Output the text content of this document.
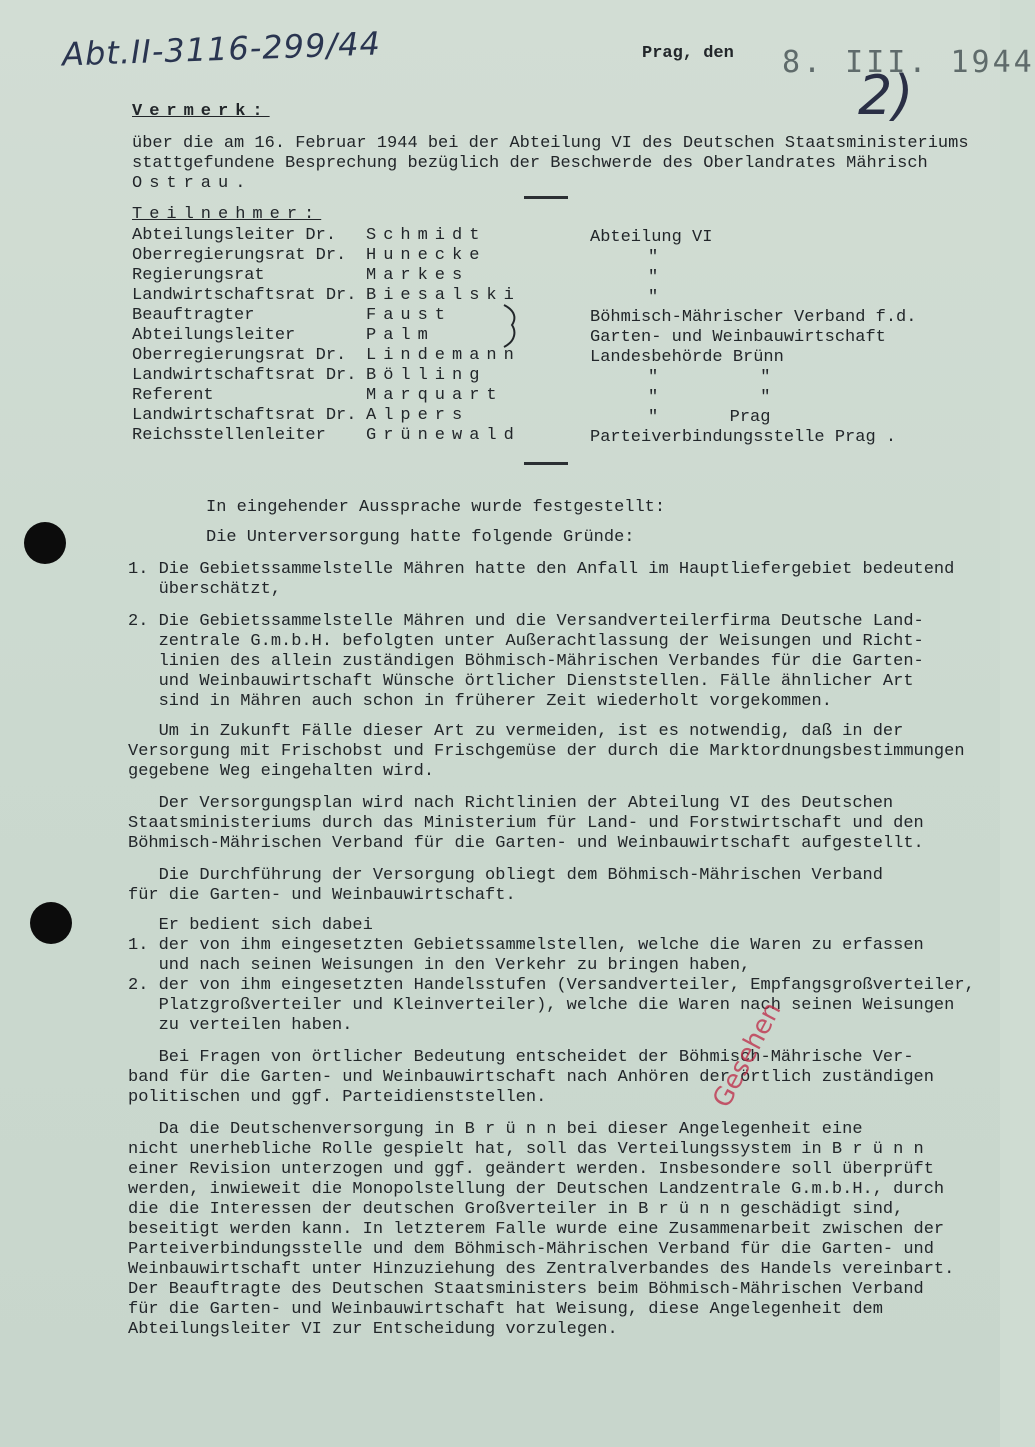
Abt.II-3116-299/44	Prag, den 8. III. 1944
2)
Vermerk:
über die am 16. Februar 1944 bei der Abteilung VI des Deutschen Staatsministeriums
stattgefundene Besprechung bezüglich der Beschwerde des Oberlandrates Mährisch
Ostrau.
Teilnehmer:
Abteilungsleiter Dr. Schmidt	Abteilung VI
Oberregierungsrat Dr. Hunecke	"
Regierungsrat	Markes	"
Landwirtschaftsrat Dr. Biesalski	"
Beauftragter	Faust	Böhmisch-Mährischer Verband f.d.
Abteilungsleiter	Palm	Garten- und Weinbauwirtschaft
Oberregierungsrat Dr. Lindemann	Landesbehörde Brünn
Landwirtschaftsrat Dr. Bölling	"          "
Referent	Marquart	"          "
Landwirtschaftsrat Dr. Alpers	"       Prag
Reichsstellenleiter Grünewald	Parteiverbindungsstelle Prag .
In eingehender Aussprache wurde festgestellt:
Die Unterversorgung hatte folgende Gründe:
1. Die Gebietssammelstelle Mähren hatte den Anfall im Hauptliefergebiet bedeutend
überschätzt,
2. Die Gebietssammelstelle Mähren und die Versandverteilerfirma Deutsche Land-
zentrale G.m.b.H. befolgten unter Außerachtlassung der Weisungen und Richt-
linien des allein zuständigen Böhmisch-Mährischen Verbandes für die Garten-
und Weinbauwirtschaft Wünsche örtlicher Dienststellen. Fälle ähnlicher Art
sind in Mähren auch schon in früherer Zeit wiederholt vorgekommen.
Um in Zukunft Fälle dieser Art zu vermeiden, ist es notwendig, daß in der
Versorgung mit Frischobst und Frischgemüse der durch die Marktordnungsbestimmungen
gegebene Weg eingehalten wird.
Der Versorgungsplan wird nach Richtlinien der Abteilung VI des Deutschen
Staatsministeriums durch das Ministerium für Land- und Forstwirtschaft und den
Böhmisch-Mährischen Verband für die Garten- und Weinbauwirtschaft aufgestellt.
Die Durchführung der Versorgung obliegt dem Böhmisch-Mährischen Verband
für die Garten- und Weinbauwirtschaft.
Er bedient sich dabei
1. der von ihm eingesetzten Gebietssammelstellen, welche die Waren zu erfassen
und nach seinen Weisungen in den Verkehr zu bringen haben,
2. der von ihm eingesetzten Handelsstufen (Versandverteiler, Empfangsgroßverteiler,
Platzgroßverteiler und Kleinverteiler), welche die Waren nach seinen Weisungen
zu verteilen haben.
Bei Fragen von örtlicher Bedeutung entscheidet der Böhmisch-Mährische Ver-
band für die Garten- und Weinbauwirtschaft nach Anhören der örtlich zuständigen
politischen und ggf. Parteidienststellen.
Da die Deutschenversorgung in B r ü n n bei dieser Angelegenheit eine
nicht unerhebliche Rolle gespielt hat, soll das Verteilungssystem in B r ü n n
einer Revision unterzogen und ggf. geändert werden. Insbesondere soll überprüft
werden, inwieweit die Monopolstellung der Deutschen Landzentrale G.m.b.H., durch
die die Interessen der deutschen Großverteiler in B r ü n n geschädigt sind,
beseitigt werden kann. In letzterem Falle wurde eine Zusammenarbeit zwischen der
Parteiverbindungsstelle und dem Böhmisch-Mährischen Verband für die Garten- und
Weinbauwirtschaft unter Hinzuziehung des Zentralverbandes des Handels vereinbart.
Der Beauftragte des Deutschen Staatsministers beim Böhmisch-Mährischen Verband
für die Garten- und Weinbauwirtschaft hat Weisung, diese Angelegenheit dem
Abteilungsleiter VI zur Entscheidung vorzulegen.
Gesehen
